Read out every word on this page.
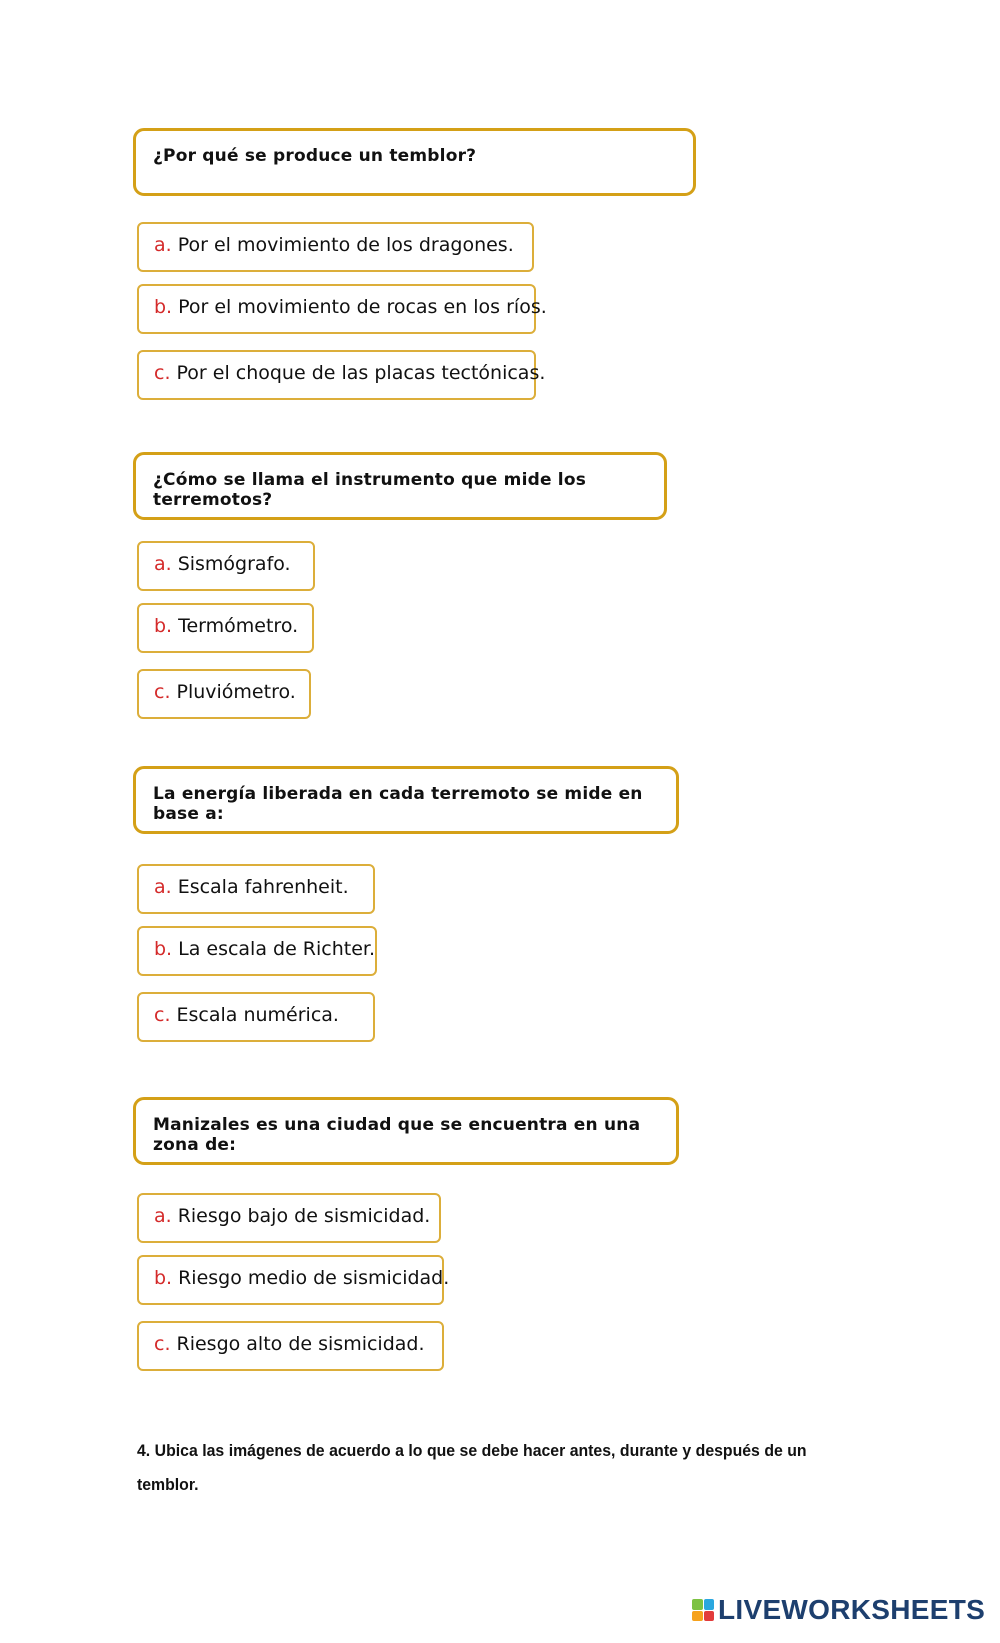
¿Por qué se produce un temblor?
a. Por el movimiento de los dragones.
b. Por el movimiento de rocas en los ríos.
c. Por el choque de las placas tectónicas.
¿Cómo se llama el instrumento que mide los terremotos?
a. Sismógrafo.
b. Termómetro.
c. Pluviómetro.
La energía liberada en cada terremoto se mide en base a:
a. Escala fahrenheit.
b. La escala de Richter.
c. Escala numérica.
Manizales es una ciudad que se encuentra en una zona de:
a. Riesgo bajo de sismicidad.
b. Riesgo medio de sismicidad.
c. Riesgo alto de sismicidad.
4. Ubica las imágenes de acuerdo a lo que se debe hacer antes, durante y después de un temblor.
LIVEWORKSHEETS
